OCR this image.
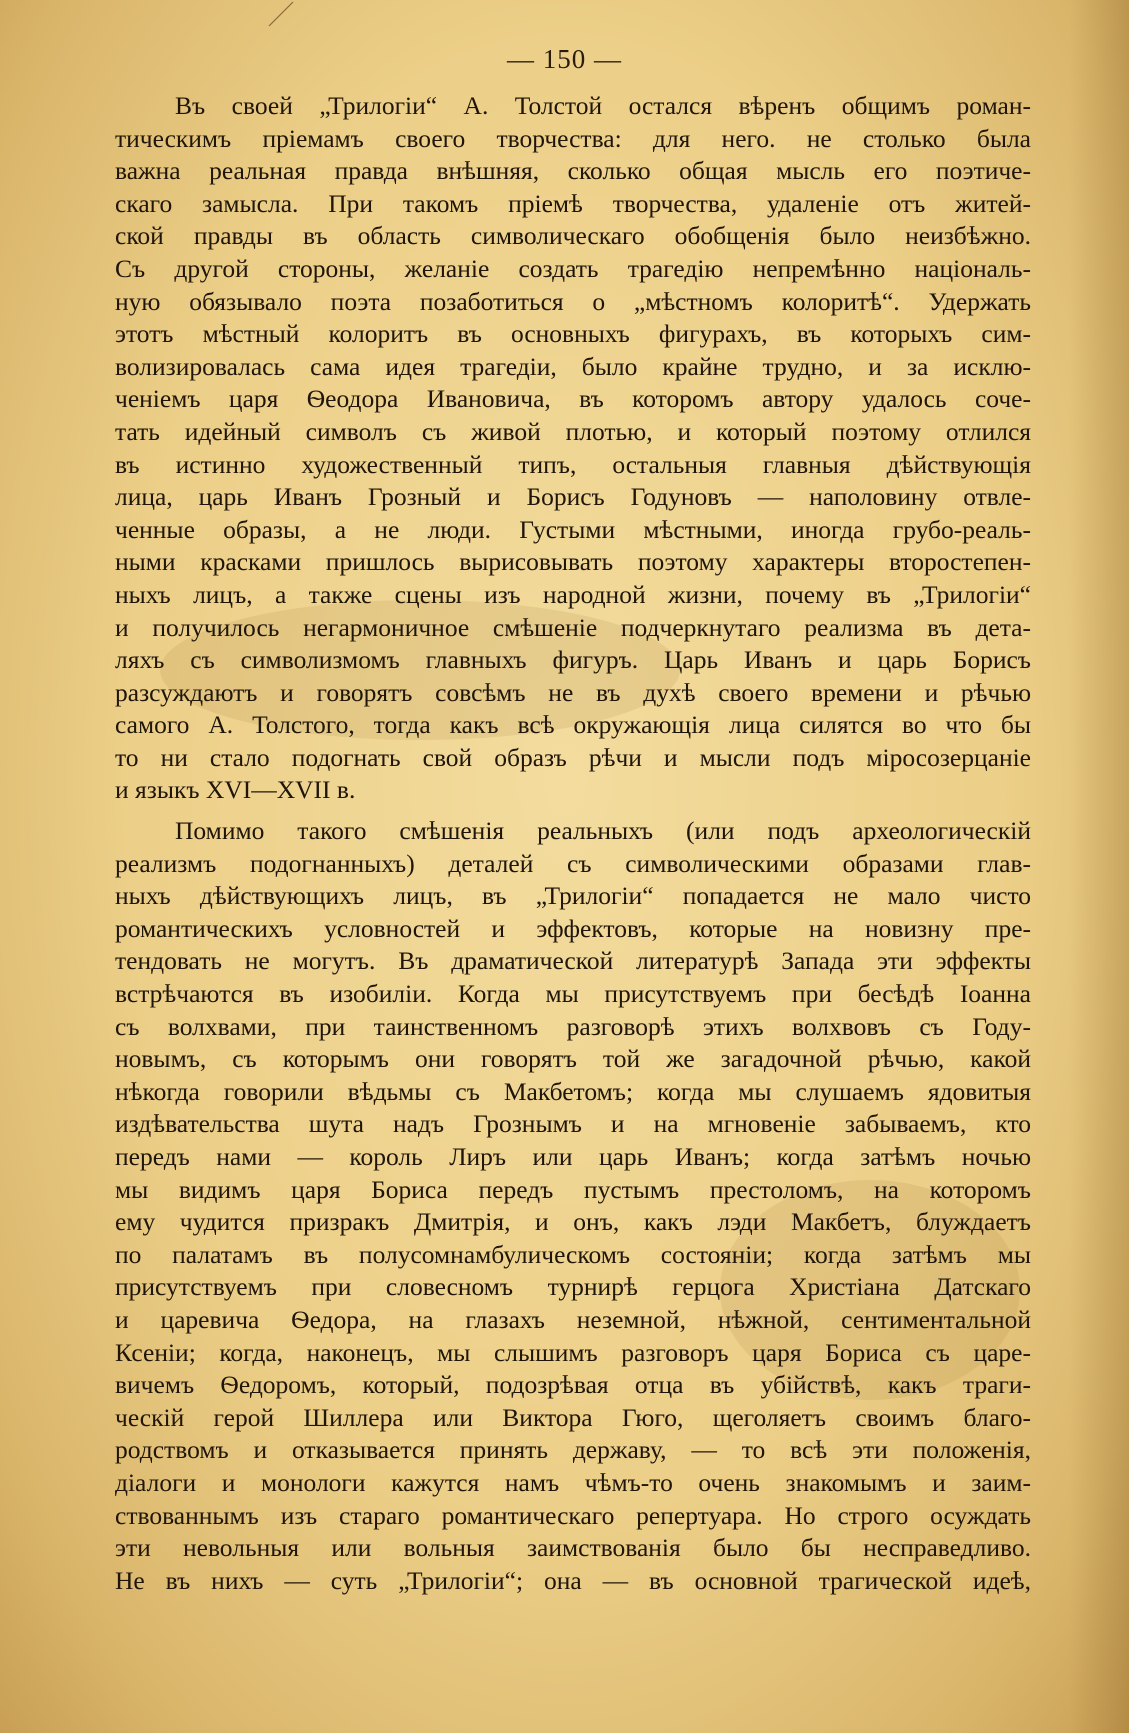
— 150 —
Въ своей „Трилогіи“ А. Толстой остался вѣренъ общимъ роман-
тическимъ пріемамъ своего творчества: для него. не столько была
важна реальная правда внѣшняя, сколько общая мысль его поэтиче-
скаго замысла. При такомъ пріемѣ творчества, удаленіе отъ житей-
ской правды въ область символическаго обобщенія было неизбѣжно.
Съ другой стороны, желаніе создать трагедію непремѣнно національ-
ную обязывало поэта позаботиться о „мѣстномъ колоритѣ“. Удержать
этотъ мѣстный колоритъ въ основныхъ фигурахъ, въ которыхъ сим-
волизировалась сама идея трагедіи, было крайне трудно, и за исклю-
ченіемъ царя Ѳеодора Ивановича, въ которомъ автору удалось соче-
тать идейный символъ съ живой плотью, и который поэтому отлился
въ истинно художественный типъ, остальныя главныя дѣйствующія
лица, царь Иванъ Грозный и Борисъ Годуновъ — наполовину отвле-
ченные образы, а не люди. Густыми мѣстными, иногда грубо-реаль-
ными красками пришлось вырисовывать поэтому характеры второстепен-
ныхъ лицъ, а также сцены изъ народной жизни, почему въ „Трилогіи“
и получилось негармоничное смѣшеніе подчеркнутаго реализма въ дета-
ляхъ съ символизмомъ главныхъ фигуръ. Царь Иванъ и царь Борисъ
разсуждаютъ и говорятъ совсѣмъ не въ духѣ своего времени и рѣчью
самого А. Толстого, тогда какъ всѣ окружающія лица силятся во что бы
то ни стало подогнать свой образъ рѣчи и мысли подъ міросозерцаніе
и языкъ XVI—XVII в.
Помимо такого смѣшенія реальныхъ (или подъ археологическій
реализмъ подогнанныхъ) деталей съ символическими образами глав-
ныхъ дѣйствующихъ лицъ, въ „Трилогіи“ попадается не мало чисто
романтическихъ условностей и эффектовъ, которые на новизну пре-
тендовать не могутъ. Въ драматической литературѣ Запада эти эффекты
встрѣчаются въ изобиліи. Когда мы присутствуемъ при бесѣдѣ Іоанна
съ волхвами, при таинственномъ разговорѣ этихъ волхвовъ съ Году-
новымъ, съ которымъ они говорятъ той же загадочной рѣчью, какой
нѣкогда говорили вѣдьмы съ Макбетомъ; когда мы слушаемъ ядовитыя
издѣвательства шута надъ Грознымъ и на мгновеніе забываемъ, кто
передъ нами — король Лиръ или царь Иванъ; когда затѣмъ ночью
мы видимъ царя Бориса передъ пустымъ престоломъ, на которомъ
ему чудится призракъ Дмитрія, и онъ, какъ лэди Макбетъ, блуждаетъ
по палатамъ въ полусомнамбулическомъ состояніи; когда затѣмъ мы
присутствуемъ при словесномъ турнирѣ герцога Христіана Датскаго
и царевича Ѳедора, на глазахъ неземной, нѣжной, сентиментальной
Ксеніи; когда, наконецъ, мы слышимъ разговоръ царя Бориса съ царе-
вичемъ Ѳедоромъ, который, подозрѣвая отца въ убійствѣ, какъ траги-
ческій герой Шиллера или Виктора Гюго, щеголяетъ своимъ благо-
родствомъ и отказывается принять державу, — то всѣ эти положенія,
діалоги и монологи кажутся намъ чѣмъ-то очень знакомымъ и заим-
ствованнымъ изъ стараго романтическаго репертуара. Но строго осуждать
эти невольныя или вольныя заимствованія было бы несправедливо.
Не въ нихъ — суть „Трилогіи“; она — въ основной трагической идеѣ,
